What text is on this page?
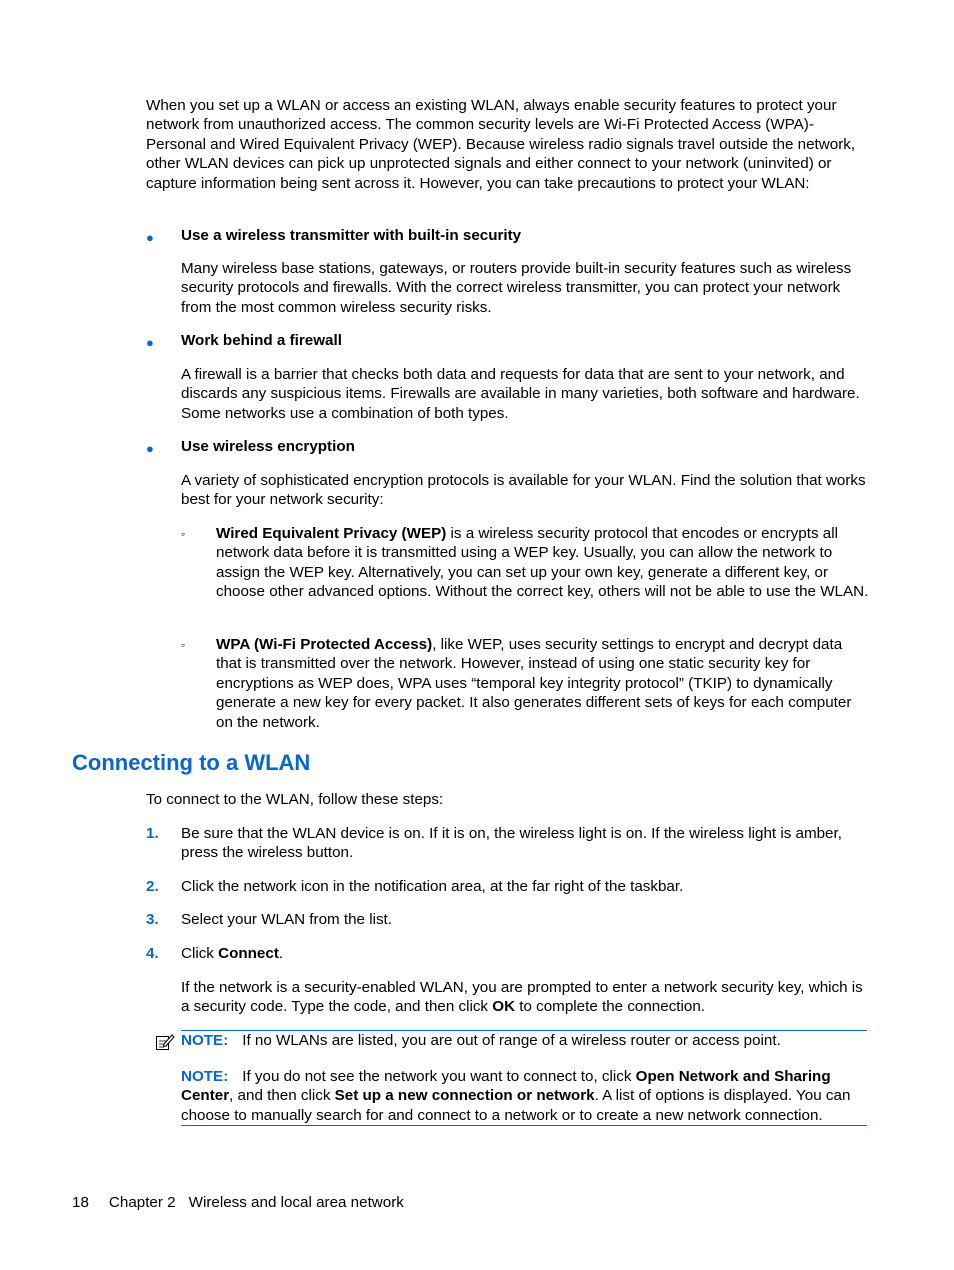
When you set up a WLAN or access an existing WLAN, always enable security features to protect your network from unauthorized access. The common security levels are Wi-Fi Protected Access (WPA)-Personal and Wired Equivalent Privacy (WEP). Because wireless radio signals travel outside the network, other WLAN devices can pick up unprotected signals and either connect to your network (uninvited) or capture information being sent across it. However, you can take precautions to protect your WLAN:

● Use a wireless transmitter with built-in security

Many wireless base stations, gateways, or routers provide built-in security features such as wireless security protocols and firewalls. With the correct wireless transmitter, you can protect your network from the most common wireless security risks.

● Work behind a firewall

A firewall is a barrier that checks both data and requests for data that are sent to your network, and discards any suspicious items. Firewalls are available in many varieties, both software and hardware. Some networks use a combination of both types.

● Use wireless encryption

A variety of sophisticated encryption protocols is available for your WLAN. Find the solution that works best for your network security:

◦ Wired Equivalent Privacy (WEP) is a wireless security protocol that encodes or encrypts all network data before it is transmitted using a WEP key. Usually, you can allow the network to assign the WEP key. Alternatively, you can set up your own key, generate a different key, or choose other advanced options. Without the correct key, others will not be able to use the WLAN.

◦ WPA (Wi-Fi Protected Access), like WEP, uses security settings to encrypt and decrypt data that is transmitted over the network. However, instead of using one static security key for encryptions as WEP does, WPA uses “temporal key integrity protocol” (TKIP) to dynamically generate a new key for every packet. It also generates different sets of keys for each computer on the network.

Connecting to a WLAN

To connect to the WLAN, follow these steps:

1. Be sure that the WLAN device is on. If it is on, the wireless light is on. If the wireless light is amber, press the wireless button.

2. Click the network icon in the notification area, at the far right of the taskbar.

3. Select your WLAN from the list.

4. Click Connect.

If the network is a security-enabled WLAN, you are prompted to enter a network security key, which is a security code. Type the code, and then click OK to complete the connection.

NOTE: If no WLANs are listed, you are out of range of a wireless router or access point.

NOTE: If you do not see the network you want to connect to, click Open Network and Sharing Center, and then click Set up a new connection or network. A list of options is displayed. You can choose to manually search for and connect to a network or to create a new network connection.

18 Chapter 2 Wireless and local area network
